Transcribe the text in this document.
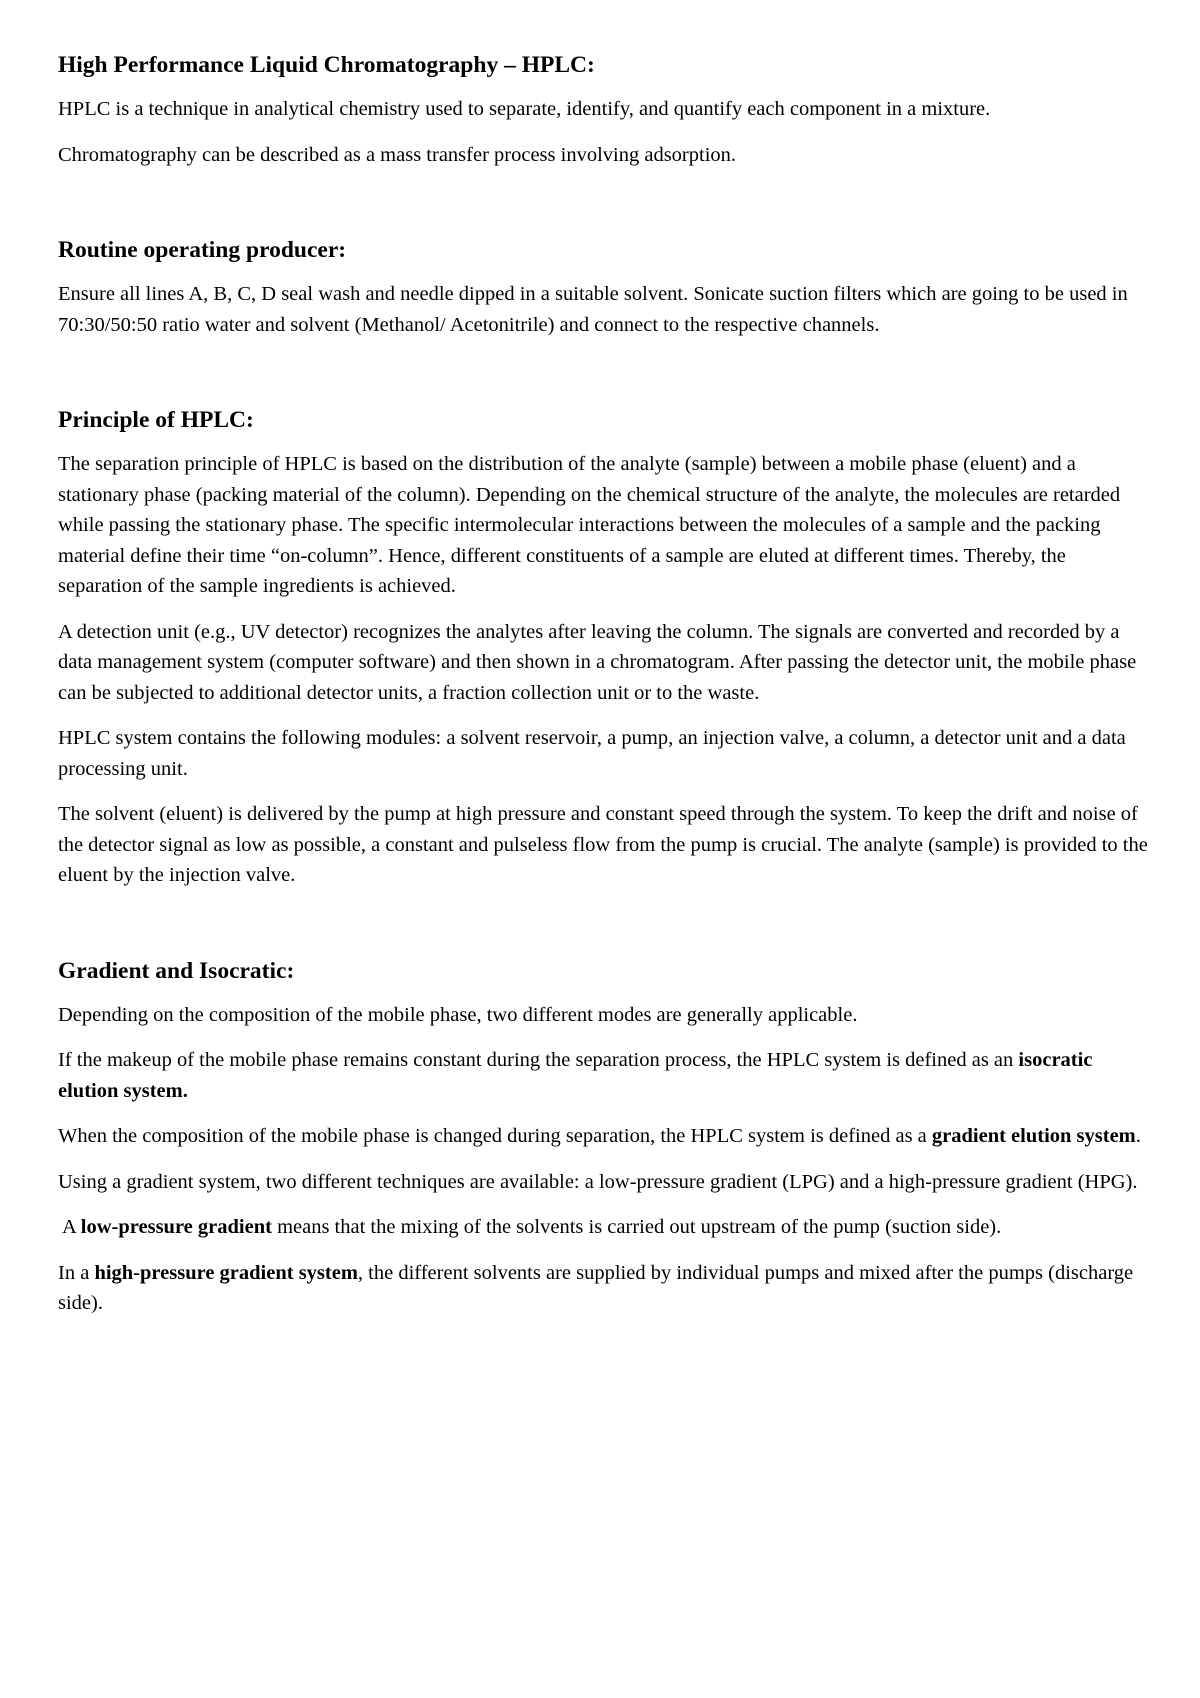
High Performance Liquid Chromatography – HPLC:
HPLC is a technique in analytical chemistry used to separate, identify, and quantify each component in a mixture.
Chromatography can be described as a mass transfer process involving adsorption.
Routine operating producer:
Ensure all lines A, B, C, D seal wash and needle dipped in a suitable solvent. Sonicate suction filters which are going to be used in 70:30/50:50 ratio water and solvent (Methanol/ Acetonitrile) and connect to the respective channels.
Principle of HPLC:
The separation principle of HPLC is based on the distribution of the analyte (sample) between a mobile phase (eluent) and a stationary phase (packing material of the column). Depending on the chemical structure of the analyte, the molecules are retarded while passing the stationary phase. The specific intermolecular interactions between the molecules of a sample and the packing material define their time “on-column”. Hence, different constituents of a sample are eluted at different times. Thereby, the separation of the sample ingredients is achieved.
A detection unit (e.g., UV detector) recognizes the analytes after leaving the column. The signals are converted and recorded by a data management system (computer software) and then shown in a chromatogram. After passing the detector unit, the mobile phase can be subjected to additional detector units, a fraction collection unit or to the waste.
HPLC system contains the following modules: a solvent reservoir, a pump, an injection valve, a column, a detector unit and a data processing unit.
The solvent (eluent) is delivered by the pump at high pressure and constant speed through the system. To keep the drift and noise of the detector signal as low as possible, a constant and pulseless flow from the pump is crucial. The analyte (sample) is provided to the eluent by the injection valve.
Gradient and Isocratic:
Depending on the composition of the mobile phase, two different modes are generally applicable.
If the makeup of the mobile phase remains constant during the separation process, the HPLC system is defined as an isocratic elution system.
When the composition of the mobile phase is changed during separation, the HPLC system is defined as a gradient elution system.
Using a gradient system, two different techniques are available: a low-pressure gradient (LPG) and a high-pressure gradient (HPG).
A low-pressure gradient means that the mixing of the solvents is carried out upstream of the pump (suction side).
In a high-pressure gradient system, the different solvents are supplied by individual pumps and mixed after the pumps (discharge side).
